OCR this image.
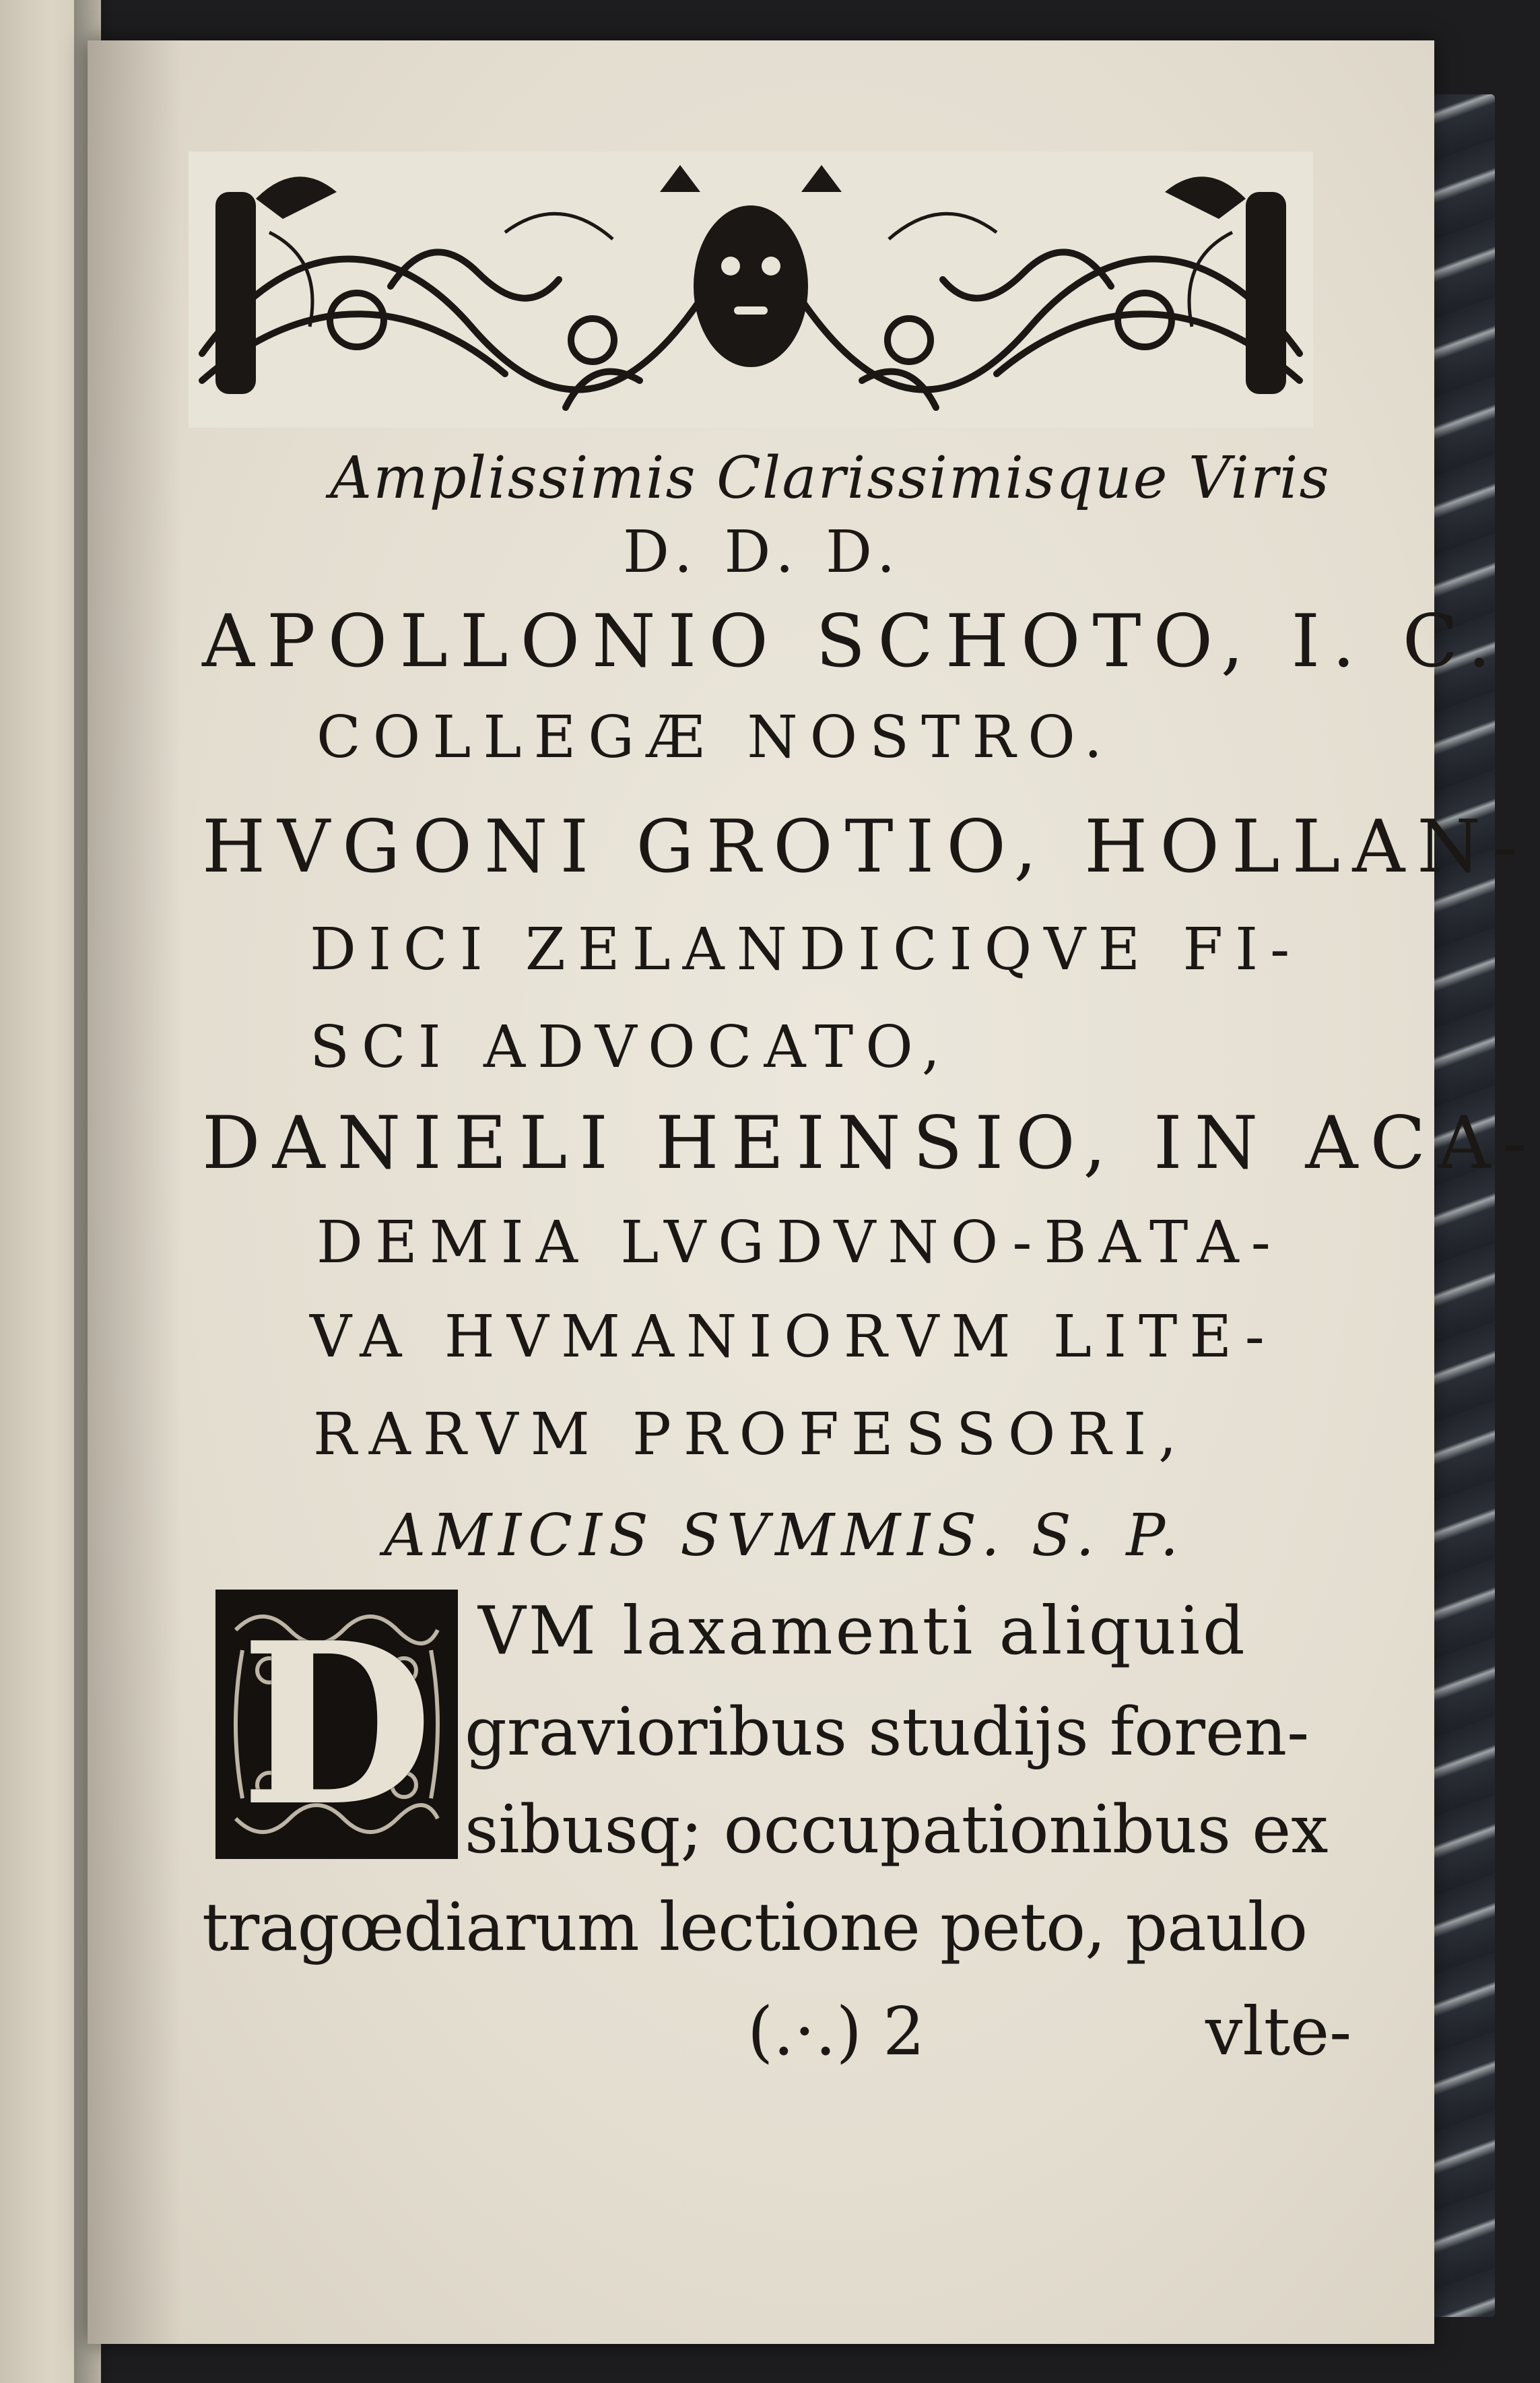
Amplissimis Clarissimisque Viris
D. D. D.
APOLLONIO SCHOTO, I. C.
COLLEGÆ NOSTRO.
HVGONI GROTIO, HOLLAN-
DICI ZELANDICIQVE FI-
SCI ADVOCATO,
DANIELI HEINSIO, IN ACA-
DEMIA LVGDVNO-BATA-
VA HVMANIORVM LITE-
RARVM PROFESSORI,
AMICIS SVMMIS. S. P.
D VM laxamenti aliquid
gravioribus studijs foren-
sibusq; occupationibus ex
tragœdiarum lectione peto, paulo
(.·.) 2	vlte-
